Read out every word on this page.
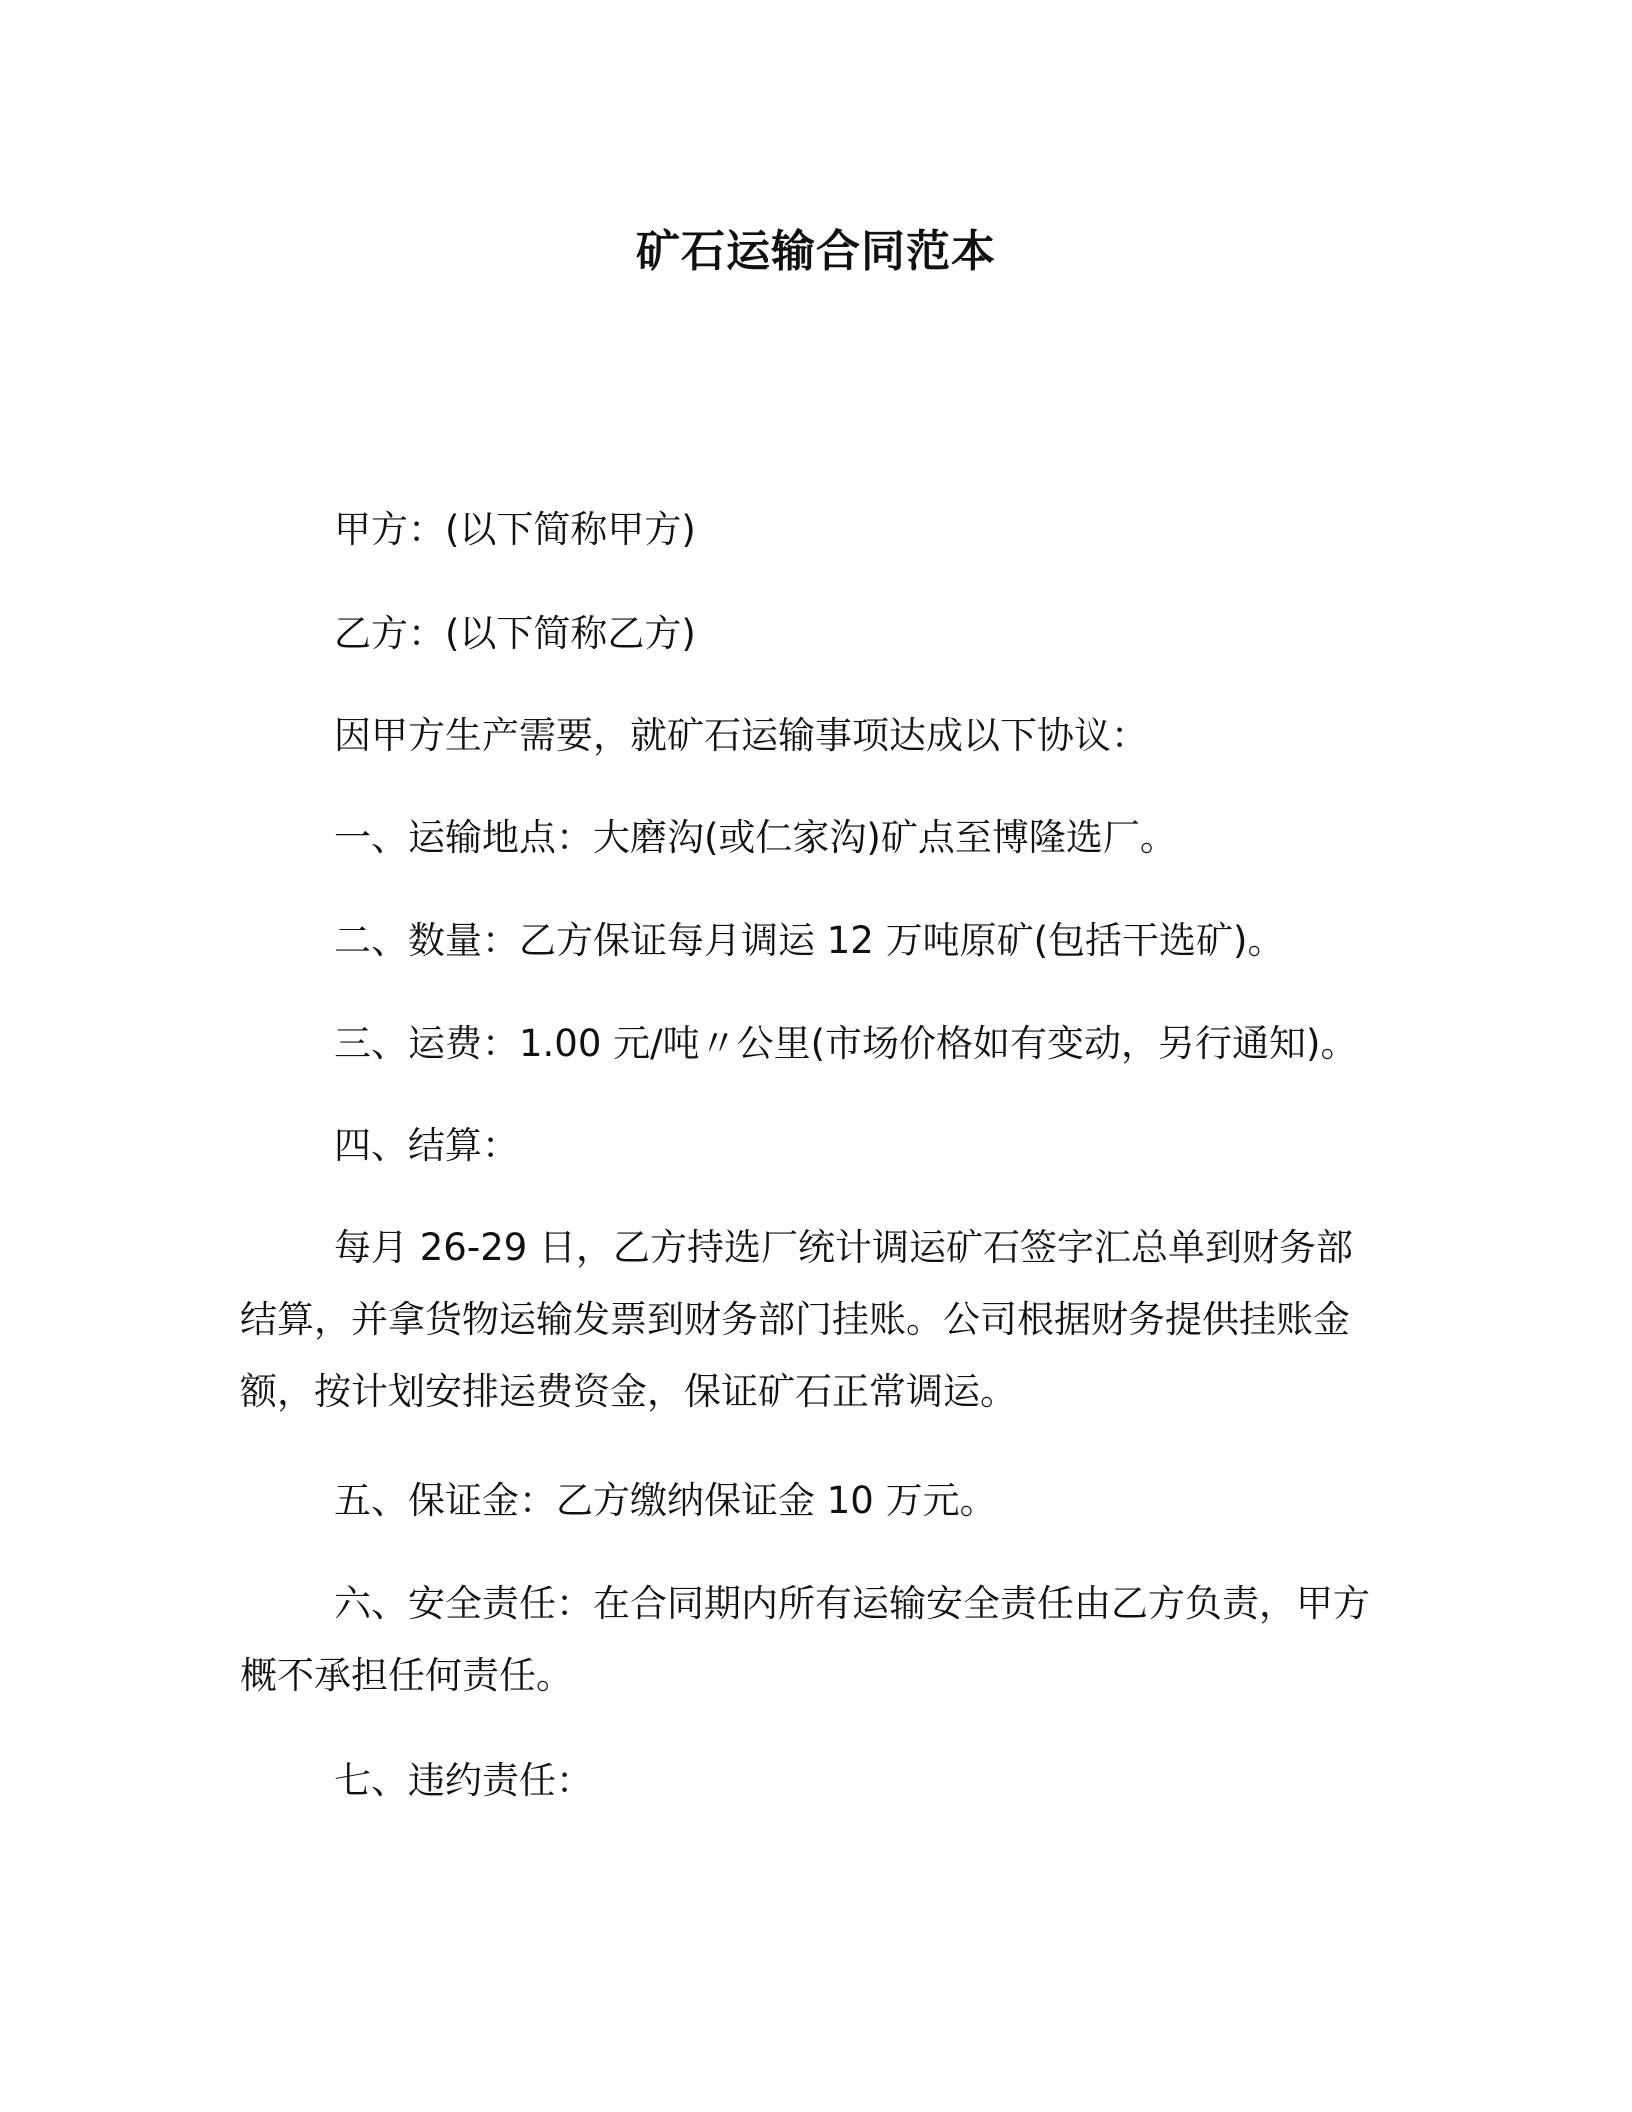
矿石运输合同范本
甲方：(以下简称甲方)
乙方：(以下简称乙方)
因甲方生产需要，就矿石运输事项达成以下协议：
一、运输地点：大磨沟(或仁家沟)矿点至博隆选厂。
二、数量：乙方保证每月调运 12 万吨原矿(包括干选矿)。
三、运费：1.00 元/吨〃公里(市场价格如有变动，另行通知)。
四、结算：
每月 26-29 日，乙方持选厂统计调运矿石签字汇总单到财务部结算，并拿货物运输发票到财务部门挂账。公司根据财务提供挂账金额，按计划安排运费资金，保证矿石正常调运。
五、保证金：乙方缴纳保证金 10 万元。
六、安全责任：在合同期内所有运输安全责任由乙方负责，甲方概不承担任何责任。
七、违约责任：
